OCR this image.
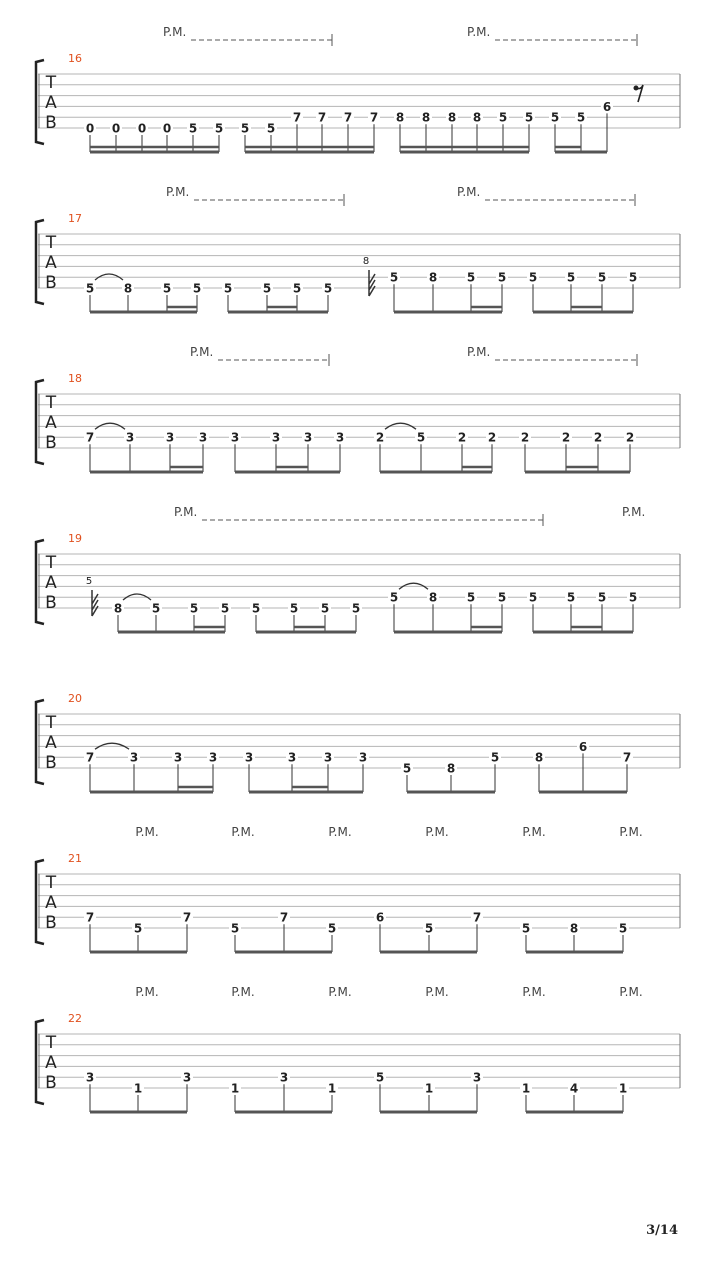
T
A
B
16
P.M.	P.M.
0 0 0 0 5 5 5 5
7 7 7 7 8 8 8 8 5 5 5 5
6
T
A
B
17
P.M.	P.M.
8
5 8	5 5 5	5 5 5
5	8 5 5 5 5 5 5
T
A
B
18
P.M.	P.M.
7	3	3 3 3	3 3 3	2	5	2 2 2	2 2 2
T
A
B
19
P.M.	P.M.
5
8 5 5 5 5 5 5 5
5	8 5 5 5 5 5 5
T
A
B
20
7	3	3 3 3	3 3 3
5	8
5	8
6
7
T
A
B
21
P.M.	P.M.	P.M.	P.M.	P.M.	P.M.
7
5
7
5
7
5
6
5
7
5	8	5
T
A
B
22
P.M.	P.M.	P.M.	P.M.	P.M.	P.M.
3
1
3
1
3
1
5
1
3
1	4	1
3/14
